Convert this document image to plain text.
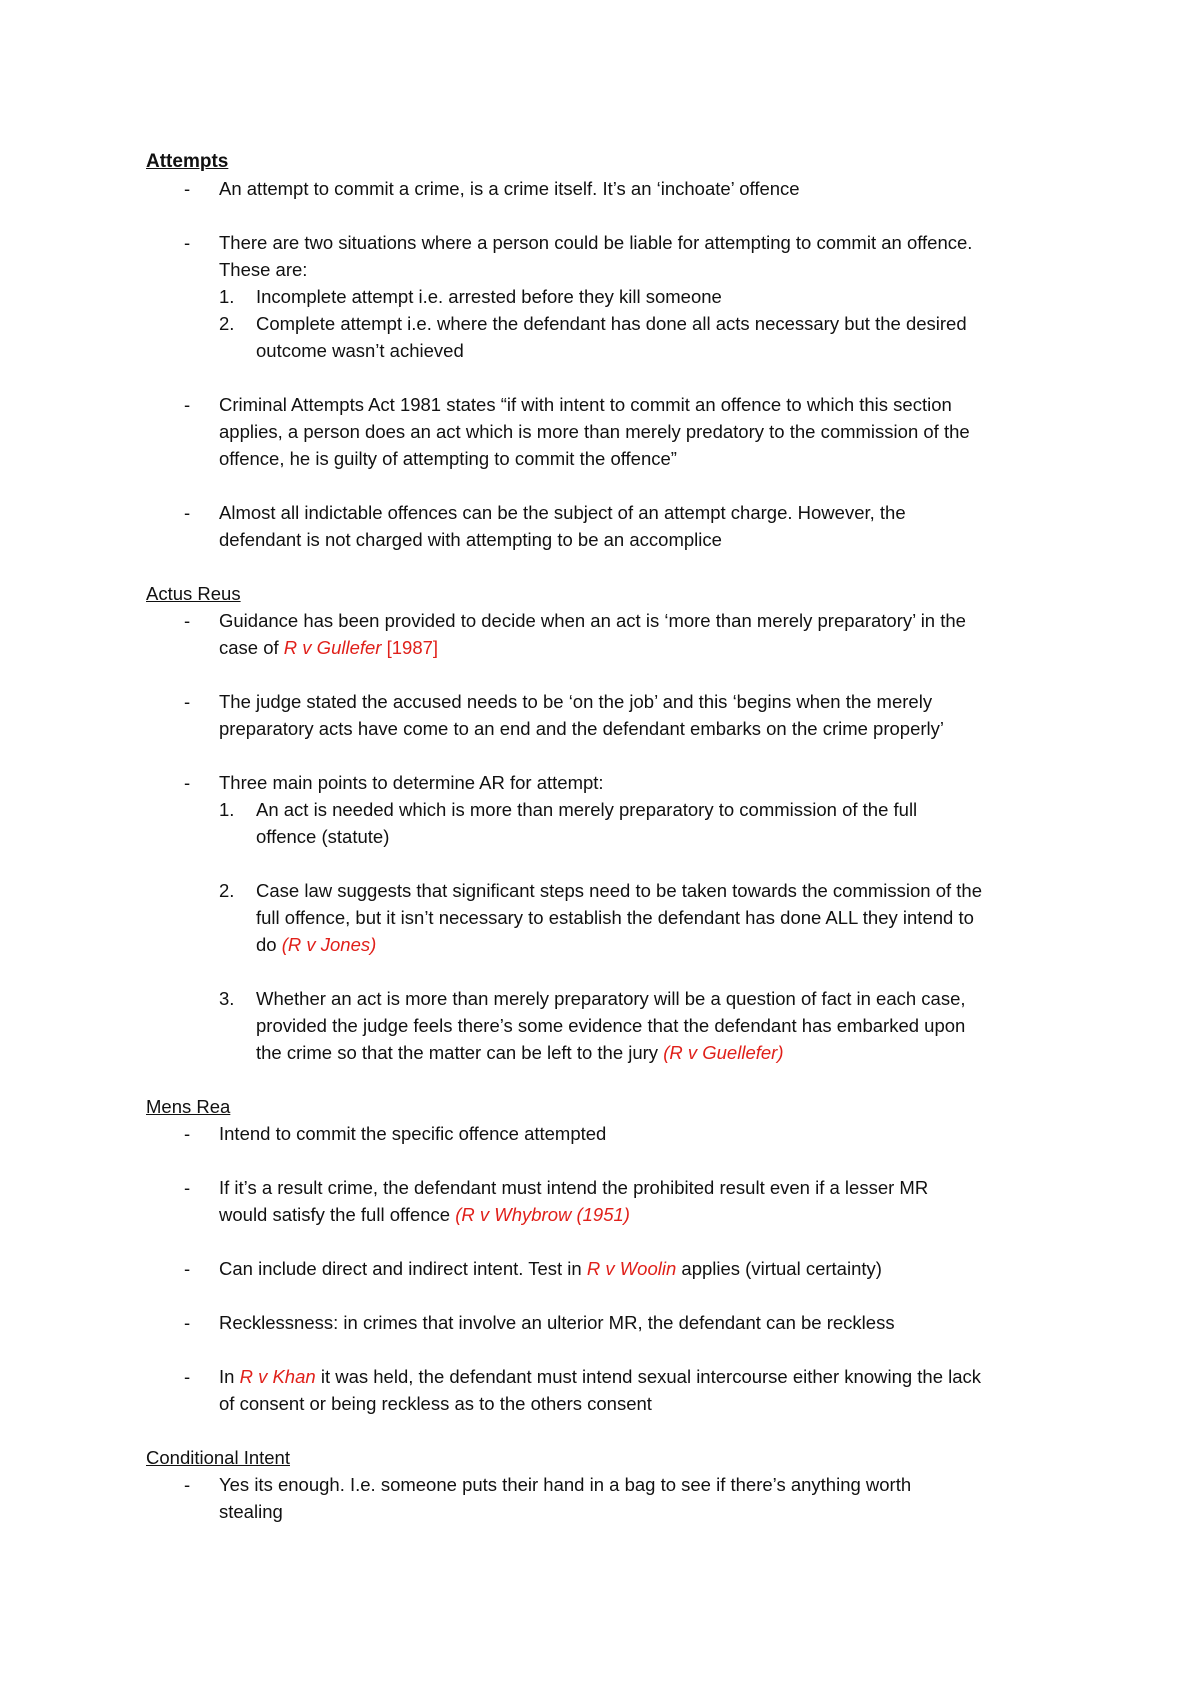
Attempts
- An attempt to commit a crime, is a crime itself. It’s an ‘inchoate’ offence
- There are two situations where a person could be liable for attempting to commit an offence.
These are:
1. Incomplete attempt i.e. arrested before they kill someone
2. Complete attempt i.e. where the defendant has done all acts necessary but the desired
outcome wasn’t achieved
- Criminal Attempts Act 1981 states “if with intent to commit an offence to which this section
applies, a person does an act which is more than merely predatory to the commission of the
offence, he is guilty of attempting to commit the offence”
- Almost all indictable offences can be the subject of an attempt charge. However, the
defendant is not charged with attempting to be an accomplice
Actus Reus
- Guidance has been provided to decide when an act is ‘more than merely preparatory’ in the
case of R v Gullefer [1987]
- The judge stated the accused needs to be ‘on the job’ and this ‘begins when the merely
preparatory acts have come to an end and the defendant embarks on the crime properly’
- Three main points to determine AR for attempt:
1. An act is needed which is more than merely preparatory to commission of the full
offence (statute)
2. Case law suggests that significant steps need to be taken towards the commission of the
full offence, but it isn’t necessary to establish the defendant has done ALL they intend to
do (R v Jones)
3. Whether an act is more than merely preparatory will be a question of fact in each case,
provided the judge feels there’s some evidence that the defendant has embarked upon
the crime so that the matter can be left to the jury (R v Guellefer)
Mens Rea
- Intend to commit the specific offence attempted
- If it’s a result crime, the defendant must intend the prohibited result even if a lesser MR
would satisfy the full offence (R v Whybrow (1951)
- Can include direct and indirect intent. Test in R v Woolin applies (virtual certainty)
- Recklessness: in crimes that involve an ulterior MR, the defendant can be reckless
- In R v Khan it was held, the defendant must intend sexual intercourse either knowing the lack
of consent or being reckless as to the others consent
Conditional Intent
- Yes its enough. I.e. someone puts their hand in a bag to see if there’s anything worth
stealing
